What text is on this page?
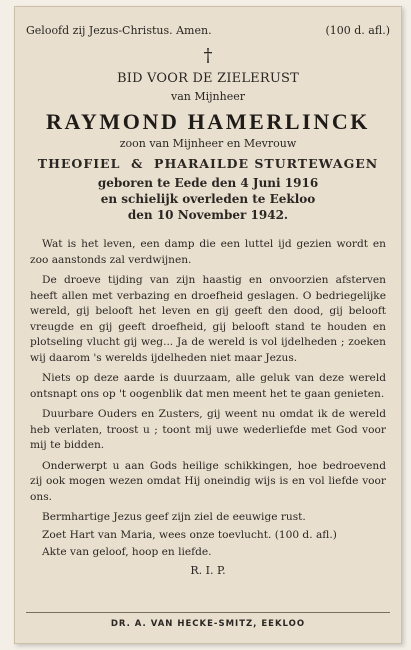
Geloofd zij Jezus-Christus. Amen.	(100 d. afl.)
†
BID VOOR DE ZIELERUST
van Mijnheer
RAYMOND HAMERLINCK
zoon van Mijnheer en Mevrouw
THEOFIEL  &  PHARAILDE STURTEWAGEN
geboren te Eede den 4 Juni 1916
en schielijk overleden te Eekloo
den 10 November 1942.

Wat is het leven, een damp die een luttel ijd gezien wordt en zoo aanstonds zal verdwijnen.

De droeve tijding van zijn haastig en onvoorzien afsterven heeft allen met verbazing en droefheid geslagen. O bedriegelijke wereld, gij belooft het leven en gij geeft den dood, gij belooft vreugde en gij geeft droefheid, gij belooft stand te houden en plotseling vlucht gij weg... Ja de wereld is vol ijdelheden ; zoeken wij daarom 's werelds ijdelheden niet maar Jezus.

Niets op deze aarde is duurzaam, alle geluk van deze wereld ontsnapt ons op 't oogenblik dat men meent het te gaan genieten.

Duurbare Ouders en Zusters, gij weent nu omdat ik de wereld heb verlaten, troost u ; toont mij uwe wederliefde met God voor mij te bidden.

Onderwerpt u aan Gods heilige schikkingen, hoe bedroevend zij ook mogen wezen omdat Hij oneindig wijs is en vol liefde voor ons.

Bermhartige Jezus geef zijn ziel de eeuwige rust.

Zoet Hart van Maria, wees onze toevlucht. (100 d. afl.)

Akte van geloof, hoop en liefde.

R. I. P.
DR. A. VAN HECKE-SMITZ, EEKLOO
